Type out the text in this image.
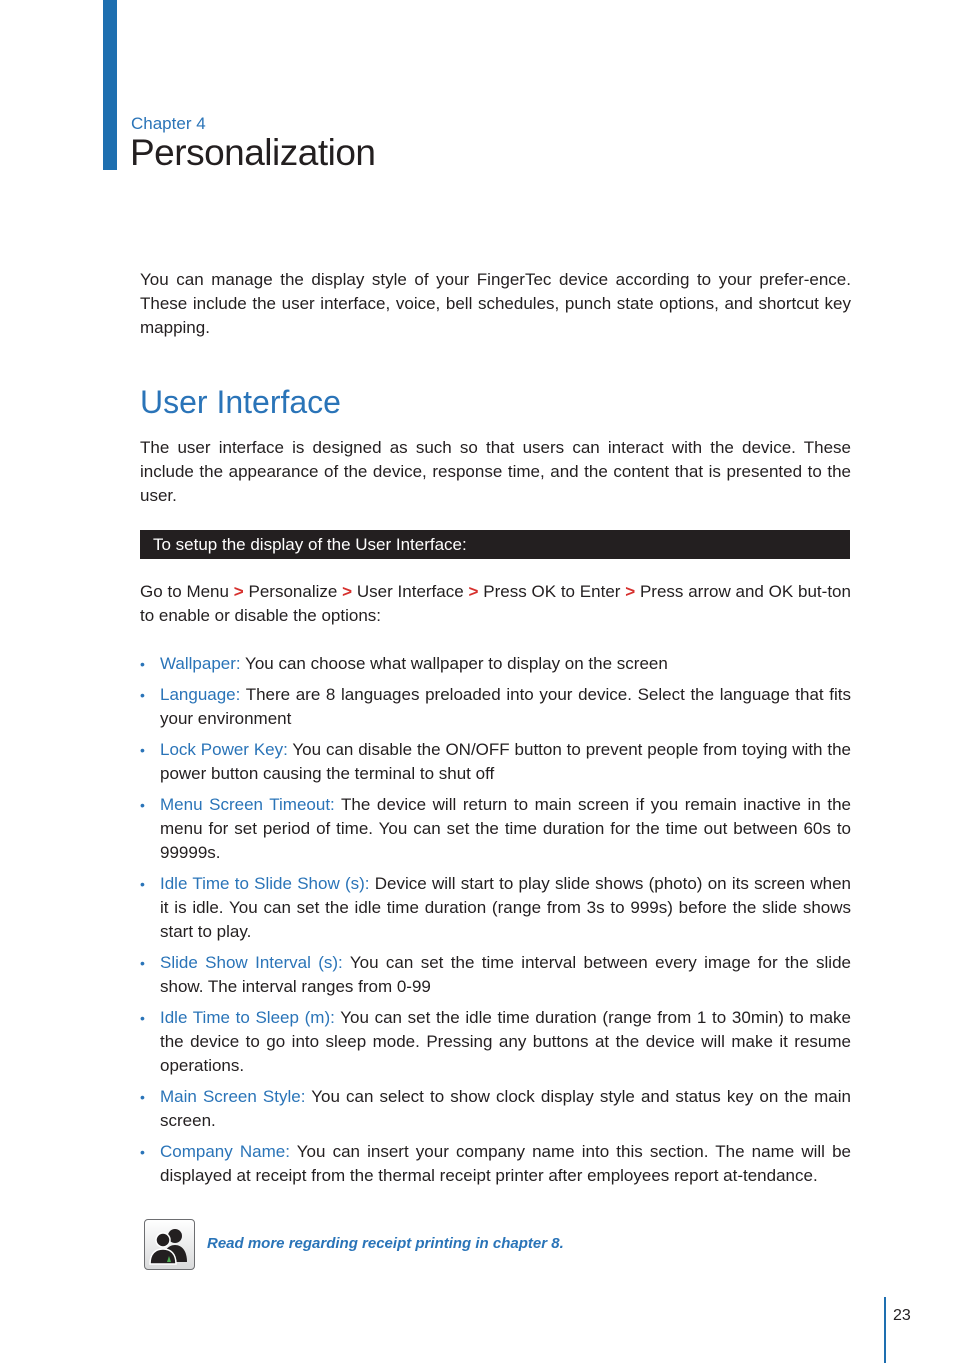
Chapter 4
Personalization

You can manage the display style of your FingerTec device according to your prefer-ence. These include the user interface, voice, bell schedules, punch state options, and shortcut key mapping.

User Interface

The user interface is designed as such so that users can interact with the device. These include the appearance of the device, response time, and the content that is presented to the user.

To setup the display of the User Interface:

Go to Menu > Personalize > User Interface > Press OK to Enter > Press arrow and OK but-ton to enable or disable the options:

• Wallpaper: You can choose what wallpaper to display on the screen
• Language: There are 8 languages preloaded into your device. Select the language that fits your environment
• Lock Power Key: You can disable the ON/OFF button to prevent people from toying with the power button causing the terminal to shut off
• Menu Screen Timeout: The device will return to main screen if you remain inactive in the menu for set period of time. You can set the time duration for the time out between 60s to 99999s.
• Idle Time to Slide Show (s): Device will start to play slide shows (photo) on its screen when it is idle. You can set the idle time duration (range from 3s to 999s) before the slide shows start to play.
• Slide Show Interval (s): You can set the time interval between every image for the slide show. The interval ranges from 0-99
• Idle Time to Sleep (m): You can set the idle time duration (range from 1 to 30min) to make the device to go into sleep mode. Pressing any buttons at the device will make it resume operations.
• Main Screen Style: You can select to show clock display style and status key on the main screen.
• Company Name: You can insert your company name into this section. The name will be displayed at receipt from the thermal receipt printer after employees report at-tendance.
Read more regarding receipt printing in chapter 8.
23
